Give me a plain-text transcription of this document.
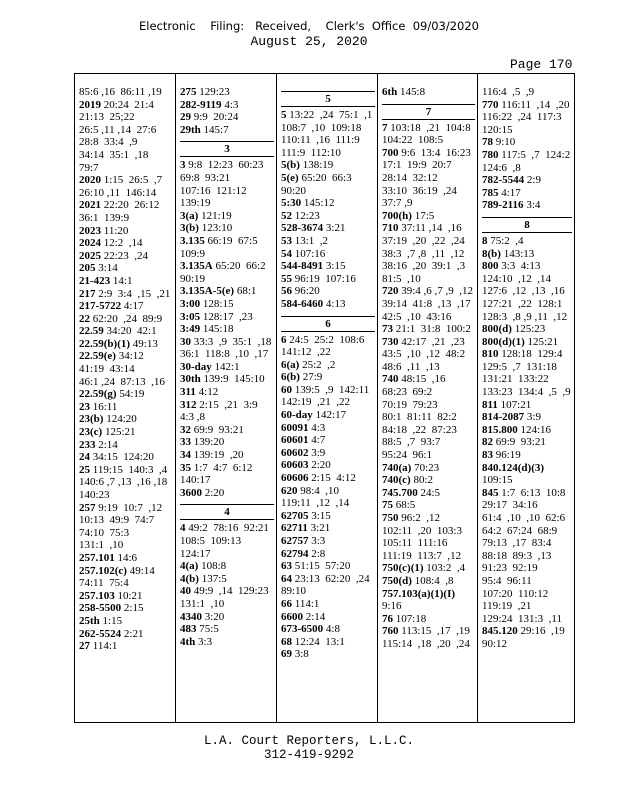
Electronic    Filing:   Received,    Clerk's  Office  09/03/2020
August 25, 2020
Page 170
85:6 ,16  86:11 ,19
2019 20:24  21:4
21:13  25;22
26:5 ,11 ,14  27:6
28:8  33:4  ,9
34:14  35:1  ,18
79:7
2020 1:15  26:5  ,7
26:10 ,11  146:14
2021 22:20  26:12
36:1  139:9
2023 11:20
2024 12:2  ,14
2025 22:23  ,24
205 3:14
21-423 14:1
217 2:9  3:4  ,15  ,21
217-5722 4:17
22 62:20  ,24  89:9
22.59 34:20  42:1
22.59(b)(1) 49:13
22.59(e) 34:12
41:19  43:14
46:1 ,24  87:13  ,16
22.59(g) 54:19
23 16:11
23(b) 124:20
23(c) 125:21
233 2:14
24 34:15  124:20
25 119:15  140:3  ,4
140:6 ,7 ,13  ,16 ,18
140:23
257 9:19  10:7  ,12
10:13  49:9  74:7
74:10  75:3
131:1  ,10
257.101 14:6
257.102(c) 49:14
74:11  75:4
257.103 10:21
258-5500 2:15
25th 1:15
262-5524 2:21
27 114:1
275 129:23
282-9119 4:3
29 9:9  20:24
29th 145:7
3
3 9:8  12:23  60:23
69:8  93:21
107:16  121:12
139:19
3(a) 121:19
3(b) 123:10
3.135 66:19  67:5
109:9
3.135A 65:20  66:2
90:19
3.135A-5(e) 68:1
3:00 128:15
3:05 128:17  ,23
3:49 145:18
30 33:3  ,9  35:1  ,18
36:1  118:8  ,10  ,17
30-day 142:1
30th 139:9  145:10
311 4:12
312 2:15  ,21  3:9
4:3 ,8
32 69:9  93:21
33 139:20
34 139:19  ,20
35 1:7  4:7  6:12
140:17
3600 2:20
4
4 49:2  78:16  92:21
108:5  109:13
124:17
4(a) 108:8
4(b) 137:5
40 49:9  ,14  129:23
131:1  ,10
4340 3:20
483 75:5
4th 3:3
5
5 13:22  ,24  75:1  ,1
108:7  ,10  109:18
110:11  ,16  111:9
111:9  112:10
5(b) 138:19
5(e) 65:20  66:3
90:20
5:30 145:12
52 12:23
528-3674 3:21
53 13:1  ,2
54 107:16
544-8491 3:15
55 96:19  107:16
56 96:20
584-6460 4:13
6
6 24:5  25:2  108:6
141:12  ,22
6(a) 25:2  ,2
6(b) 27:9
60 139:5  ,9  142:11
142:19  ,21  ,22
60-day 142:17
60091 4:3
60601 4:7
60602 3:9
60603 2:20
60606 2:15  4:12
620 98:4  ,10
119:11  ,12  ,14
62705 3:15
62711 3:21
62757 3:3
62794 2:8
63 51:15  57:20
64 23:13  62:20  ,24
89:10
66 114:1
6600 2:14
673-6500 4:8
68 12:24  13:1
69 3:8
6th 145:8
7
7 103:18  ,21  104:8
104:22  108:5
700 9:6  13:4  16:23
17:1  19:9  20:7
28:14  32:12
33:10  36:19  ,24
37:7 ,9
700(h) 17:5
710 37:11 ,14  ,16
37:19  ,20  ,22  ,24
38:3  ,7 ,8  ,11  ,12
38:16  ,20  39:1  ,3
81:5  ,10
720 39:4 ,6 ,7 ,9  ,12
39:14  41:8  ,13  ,17
42:5  ,10  43:16
73 21:1  31:8  100:2
730 42:17  ,21  ,23
43:5  ,10  ,12  48:2
48:6  ,11  ,13
740 48:15  ,16
68:23  69:2
70:19  79:23
80:1  81:11  82:2
84:18  ,22  87:23
88:5  ,7  93:7
95:24  96:1
740(a) 70:23
740(c) 80:2
745.700 24:5
75 68:5
750 96:2  ,12
102:11  ,20  103:3
105:11  111:16
111:19  113:7  ,12
750(c)(1) 103:2  ,4
750(d) 108:4  ,8
757.103(a)(1)(I)
9:16
76 107:18
760 113:15  ,17  ,19
115:14  ,18  ,20  ,24
116:4  ,5  ,9
770 116:11  ,14  ,20
116:22  ,24  117:3
120:15
78 9:10
780 117:5  ,7  124:2
124:6  ,8
782-5544 2:9
785 4:17
789-2116 3:4
8
8 75:2  ,4
8(b) 143:13
800 3:3  4:13
124:10  ,12  ,14
127:6  ,12  ,13  ,16
127:21  ,22  128:1
128:3  ,8 ,9 ,11  ,12
800(d) 125:23
800(d)(1) 125:21
810 128:18  129:4
129:5  ,7  131:18
131:21  133:22
133:23  134:4  ,5  ,9
811 107:21
814-2087 3:9
815.800 124:16
82 69:9  93:21
83 96:19
840.124(d)(3)
109:15
845 1:7  6:13  10:8
29:17  34:16
61:4  ,10  ,10  62:6
64:2  67:24  68:9
79:13  ,17  83:4
88:18  89:3  ,13
91:23  92:19
95:4  96:11
107:20  110:12
119:19  ,21
129:24  131:3  ,11
845.120 29:16  ,19
90:12
L.A. Court Reporters, L.L.C.
312-419-9292
